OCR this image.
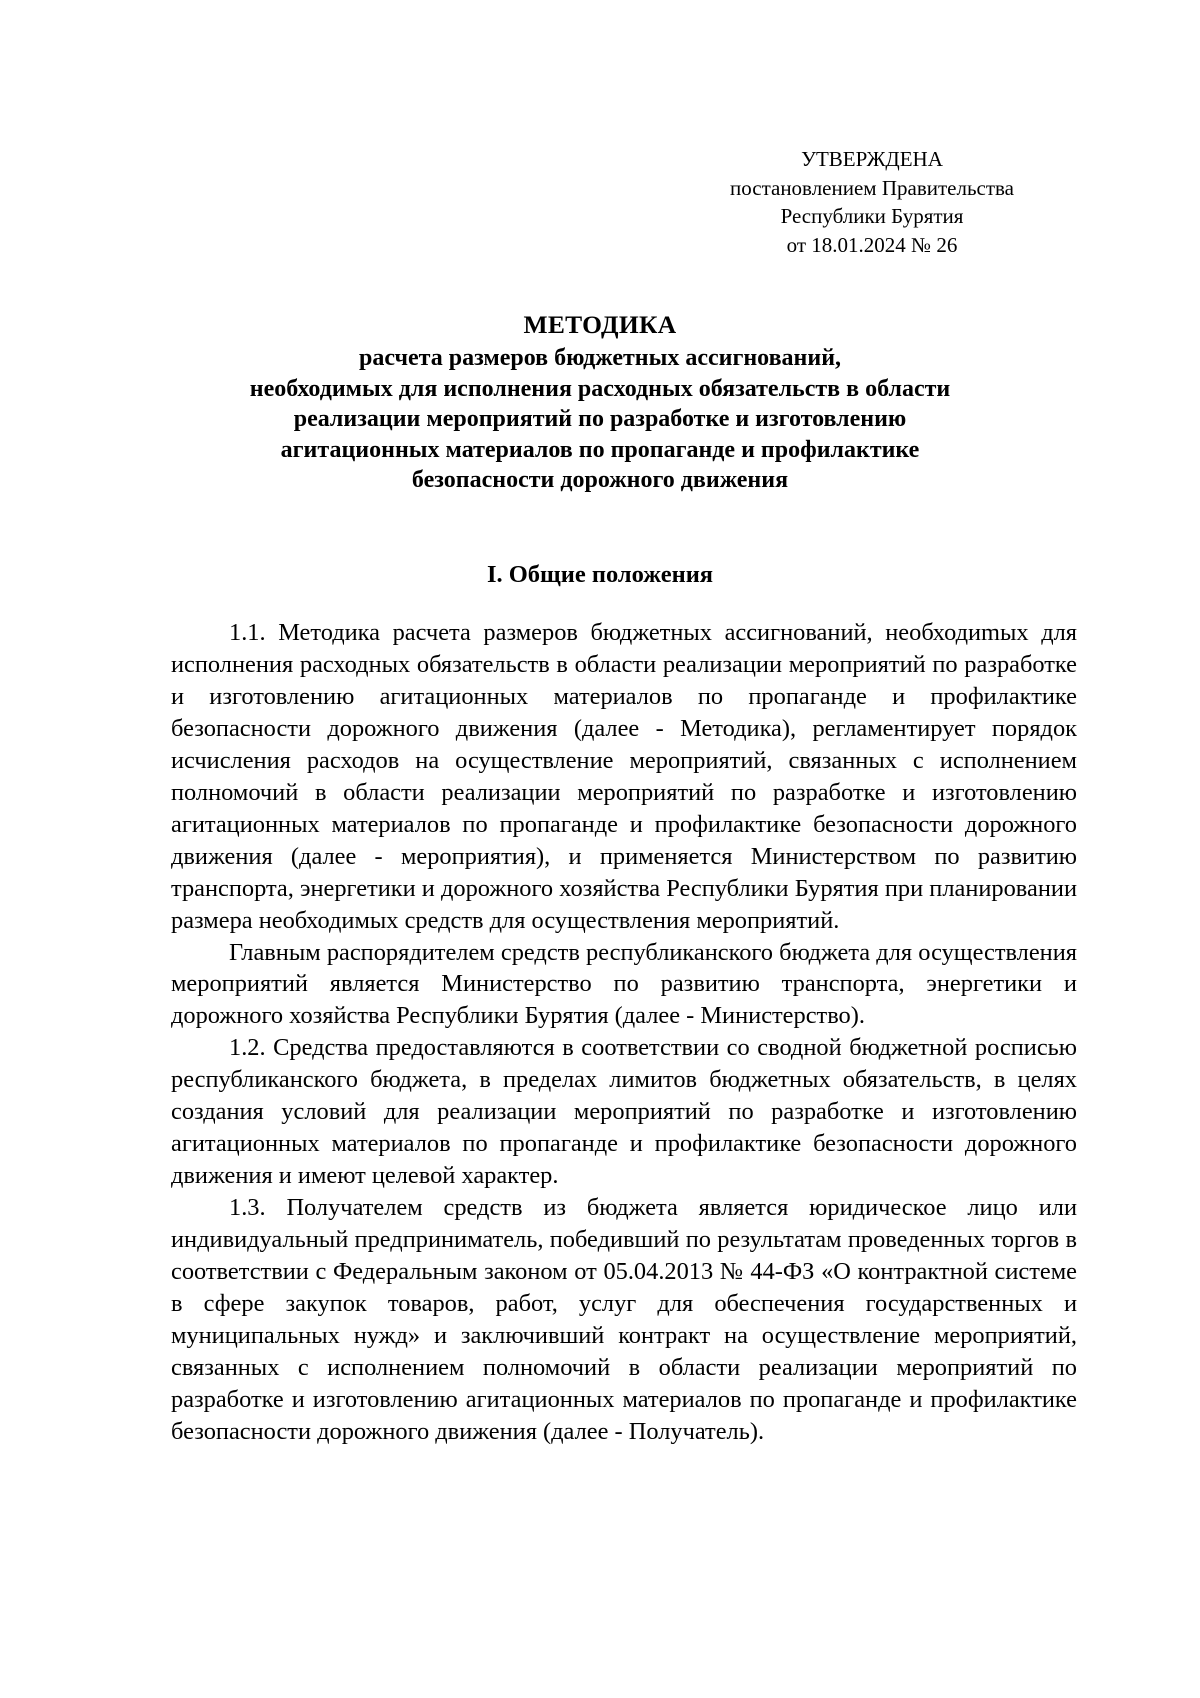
УТВЕРЖДЕНА
постановлением Правительства
Республики Бурятия
от 18.01.2024 № 26
МЕТОДИКА
расчета размеров бюджетных ассигнований,
необходимых для исполнения расходных обязательств в области
реализации мероприятий по разработке и изготовлению
агитационных материалов по пропаганде и профилактике
безопасности дорожного движения
I. Общие положения

1.1. Методика расчета размеров бюджетных ассигнований, необходиmых для исполнения расходных обязательств в области реализации мероприятий по разработке и изготовлению агитационных материалов по пропаганде и профилактике безопасности дорожного движения (далее - Методика), регламентирует порядок исчисления расходов на осуществление мероприятий, связанных с исполнением полномочий в области реализации мероприятий по разработке и изготовлению агитационных материалов по пропаганде и профилактике безопасности дорожного движения (далее - мероприятия), и применяется Министерством по развитию транспорта, энергетики и дорожного хозяйства Республики Бурятия при планировании размера необходимых средств для осуществления мероприятий.

Главным распорядителем средств республиканского бюджета для осуществления мероприятий является Министерство по развитию транспорта, энергетики и дорожного хозяйства Республики Бурятия (далее - Министерство).

1.2. Средства предоставляются в соответствии со сводной бюджетной росписью республиканского бюджета, в пределах лимитов бюджетных обязательств, в целях создания условий для реализации мероприятий по разработке и изготовлению агитационных материалов по пропаганде и профилактике безопасности дорожного движения и имеют целевой характер.

1.3. Получателем средств из бюджета является юридическое лицо или индивидуальный предприниматель, победивший по результатам проведенных торгов в соответствии с Федеральным законом от 05.04.2013 № 44-ФЗ «О контрактной системе в сфере закупок товаров, работ, услуг для обеспечения государственных и муниципальных нужд» и заключивший контракт на осуществление мероприятий, связанных с исполнением полномочий в области реализации мероприятий по разработке и изготовлению агитационных материалов по пропаганде и профилактике безопасности дорожного движения (далее - Получатель).
